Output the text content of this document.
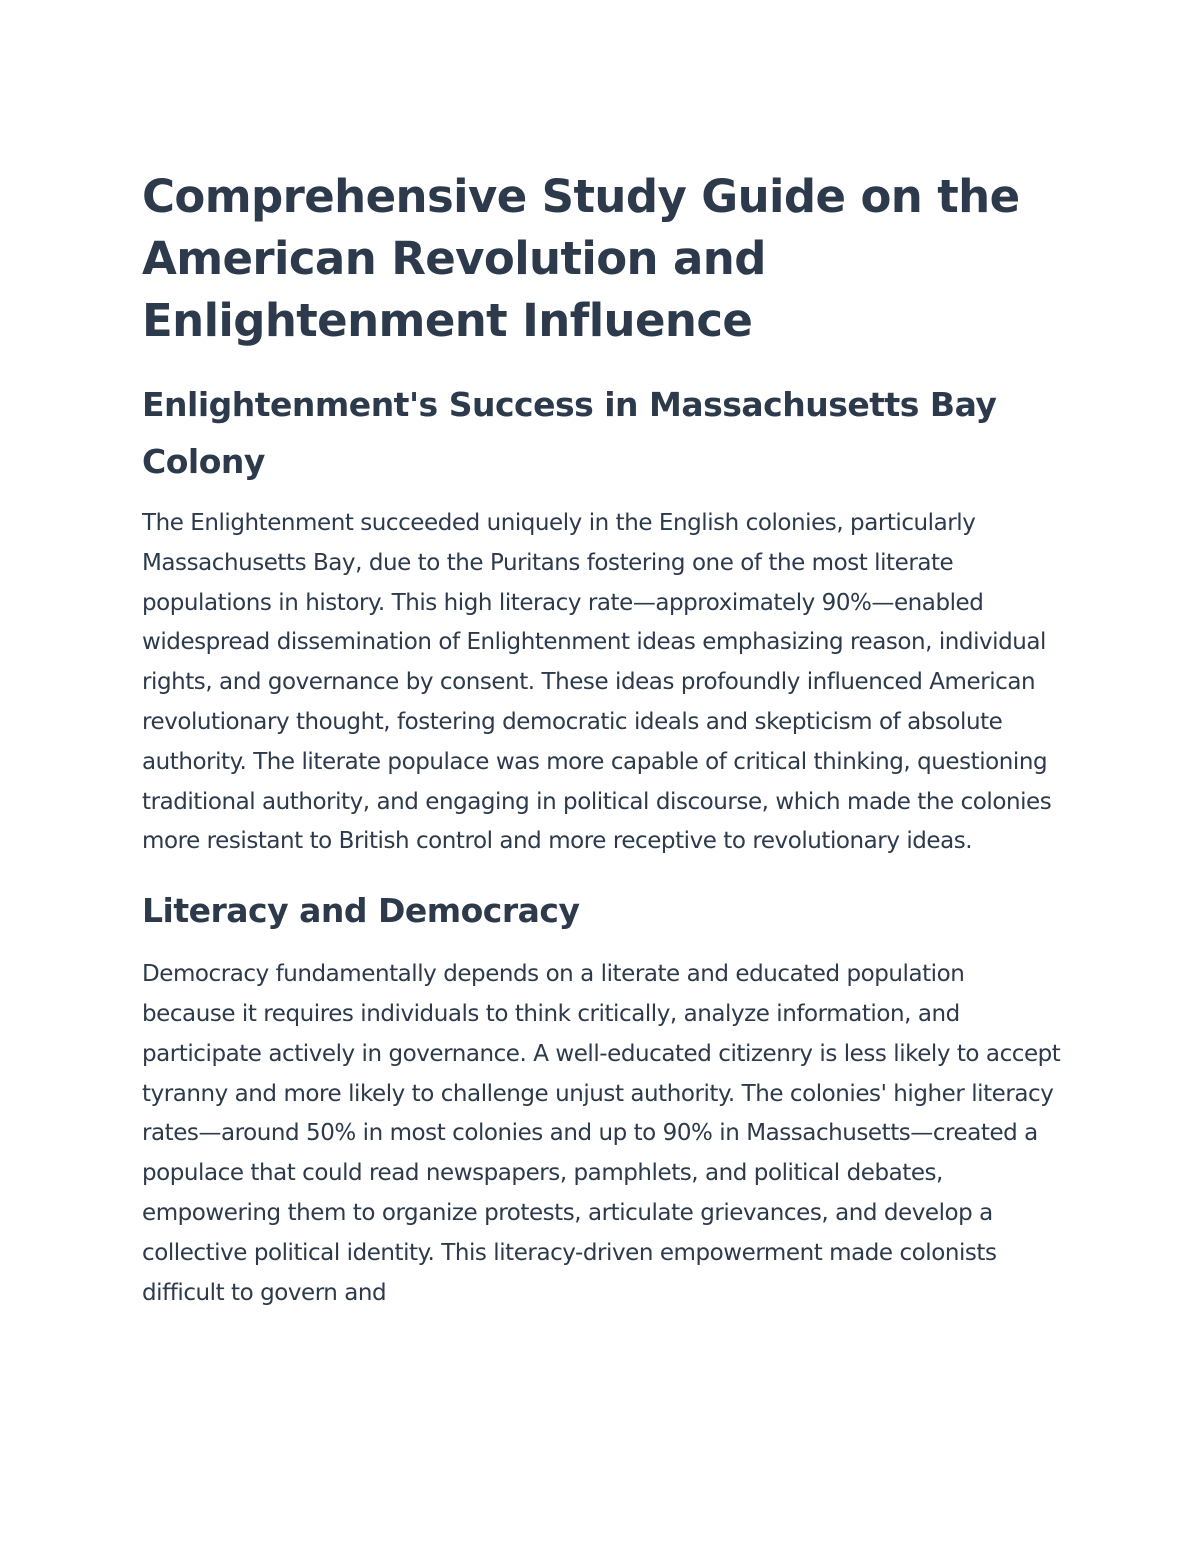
Comprehensive Study Guide on the American Revolution and Enlightenment Influence
Enlightenment's Success in Massachusetts Bay Colony

The Enlightenment succeeded uniquely in the English colonies, particularly Massachusetts Bay, due to the Puritans fostering one of the most literate populations in history. This high literacy rate—approximately 90%—enabled widespread dissemination of Enlightenment ideas emphasizing reason, individual rights, and governance by consent. These ideas profoundly influenced American revolutionary thought, fostering democratic ideals and skepticism of absolute authority. The literate populace was more capable of critical thinking, questioning traditional authority, and engaging in political discourse, which made the colonies more resistant to British control and more receptive to revolutionary ideas.

Literacy and Democracy

Democracy fundamentally depends on a literate and educated population because it requires individuals to think critically, analyze information, and participate actively in governance. A well-educated citizenry is less likely to accept tyranny and more likely to challenge unjust authority. The colonies' higher literacy rates—around 50% in most colonies and up to 90% in Massachusetts—created a populace that could read newspapers, pamphlets, and political debates, empowering them to organize protests, articulate grievances, and develop a collective political identity. This literacy-driven empowerment made colonists difficult to govern and
